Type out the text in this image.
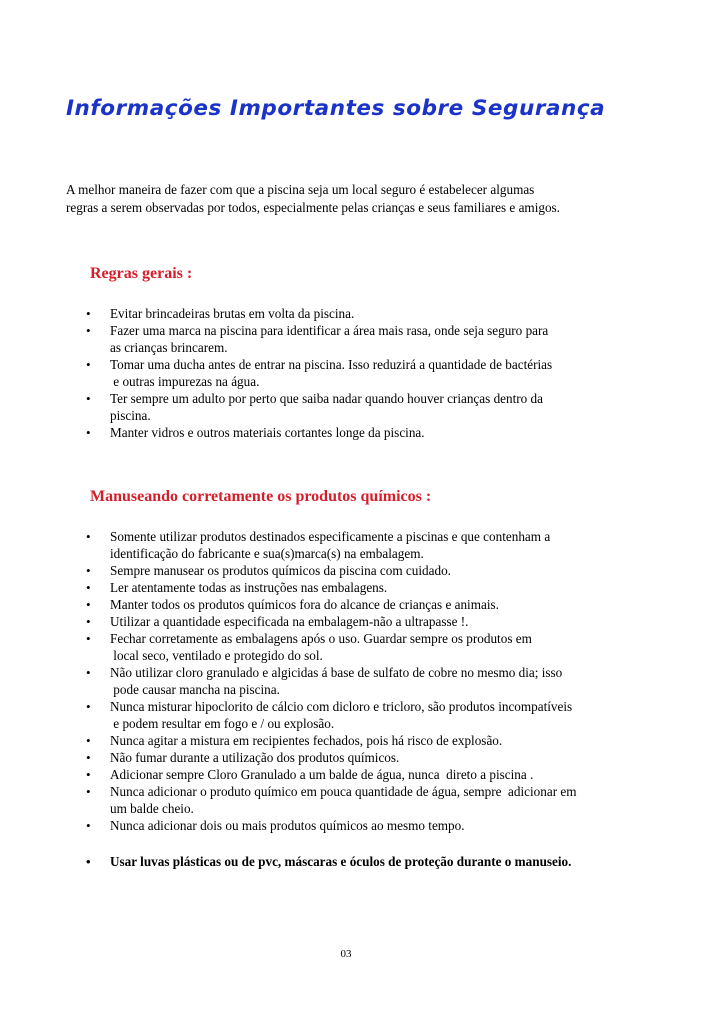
Informações Importantes sobre Segurança
A melhor maneira de fazer com que a piscina seja um local seguro é estabelecer algumas
regras a serem observadas por todos, especialmente pelas crianças e seus familiares e amigos.
Regras gerais :
• Evitar brincadeiras brutas em volta da piscina.
• Fazer uma marca na piscina para identificar a área mais rasa, onde seja seguro para
as crianças brincarem.
• Tomar uma ducha antes de entrar na piscina. Isso reduzirá a quantidade de bactérias
e outras impurezas na água.
• Ter sempre um adulto por perto que saiba nadar quando houver crianças dentro da
piscina.
• Manter vidros e outros materiais cortantes longe da piscina.
Manuseando corretamente os produtos químicos :
• Somente utilizar produtos destinados especificamente a piscinas e que contenham a
identificação do fabricante e sua(s)marca(s) na embalagem.
• Sempre manusear os produtos químicos da piscina com cuidado.
• Ler atentamente todas as instruções nas embalagens.
• Manter todos os produtos químicos fora do alcance de crianças e animais.
• Utilizar a quantidade especificada na embalagem-não a ultrapasse !.
• Fechar corretamente as embalagens após o uso. Guardar sempre os produtos em
local seco, ventilado e protegido do sol.
• Não utilizar cloro granulado e algicidas á base de sulfato de cobre no mesmo dia; isso
pode causar mancha na piscina.
• Nunca misturar hipoclorito de cálcio com dicloro e tricloro, são produtos incompatíveis
e podem resultar em fogo e / ou explosão.
• Nunca agitar a mistura em recipientes fechados, pois há risco de explosão.
• Não fumar durante a utilização dos produtos químicos.
• Adicionar sempre Cloro Granulado a um balde de água, nunca  direto a piscina .
• Nunca adicionar o produto químico em pouca quantidade de água, sempre  adicionar em
um balde cheio.
• Nunca adicionar dois ou mais produtos químicos ao mesmo tempo.
• Usar luvas plásticas ou de pvc, máscaras e óculos de proteção durante o manuseio.
03
